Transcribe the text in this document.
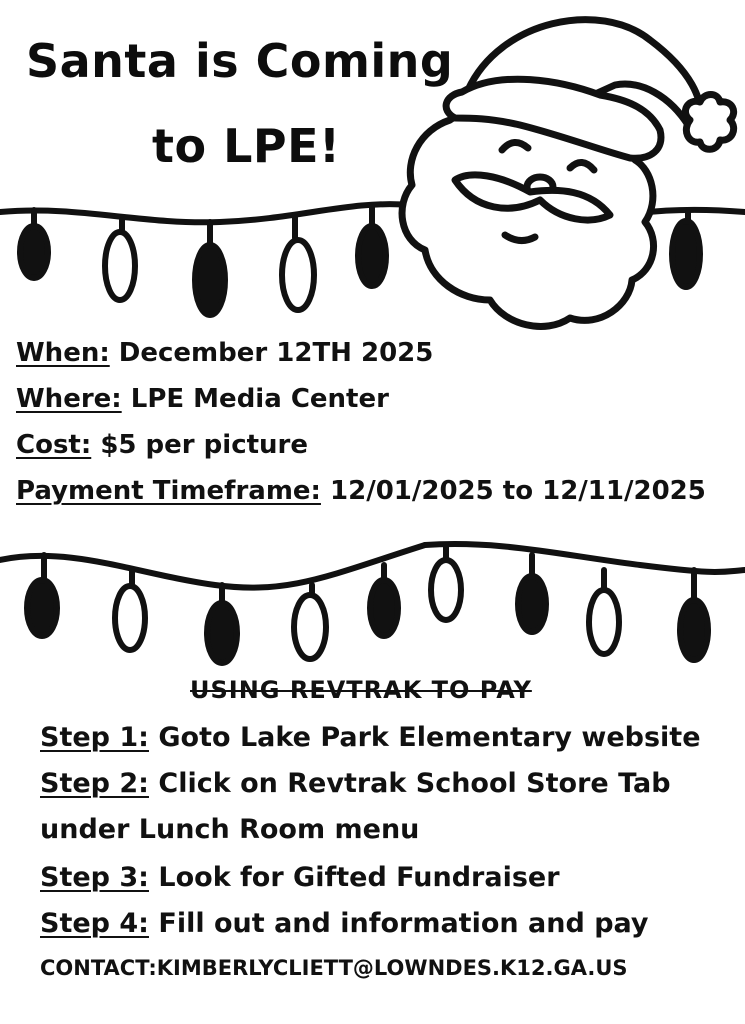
Santa is Coming
to LPE!

When: December 12TH 2025

Where: LPE Media Center

Cost: $5 per picture

Payment Timeframe: 12/01/2025 to 12/11/2025

USING REVTRAK TO PAY

Step 1: Goto Lake Park Elementary website

Step 2: Click on Revtrak School Store Tab

under Lunch Room menu

Step 3: Look for Gifted Fundraiser

Step 4: Fill out and information and pay

CONTACT:KIMBERLYCLIETT@LOWNDES.K12.GA.US
